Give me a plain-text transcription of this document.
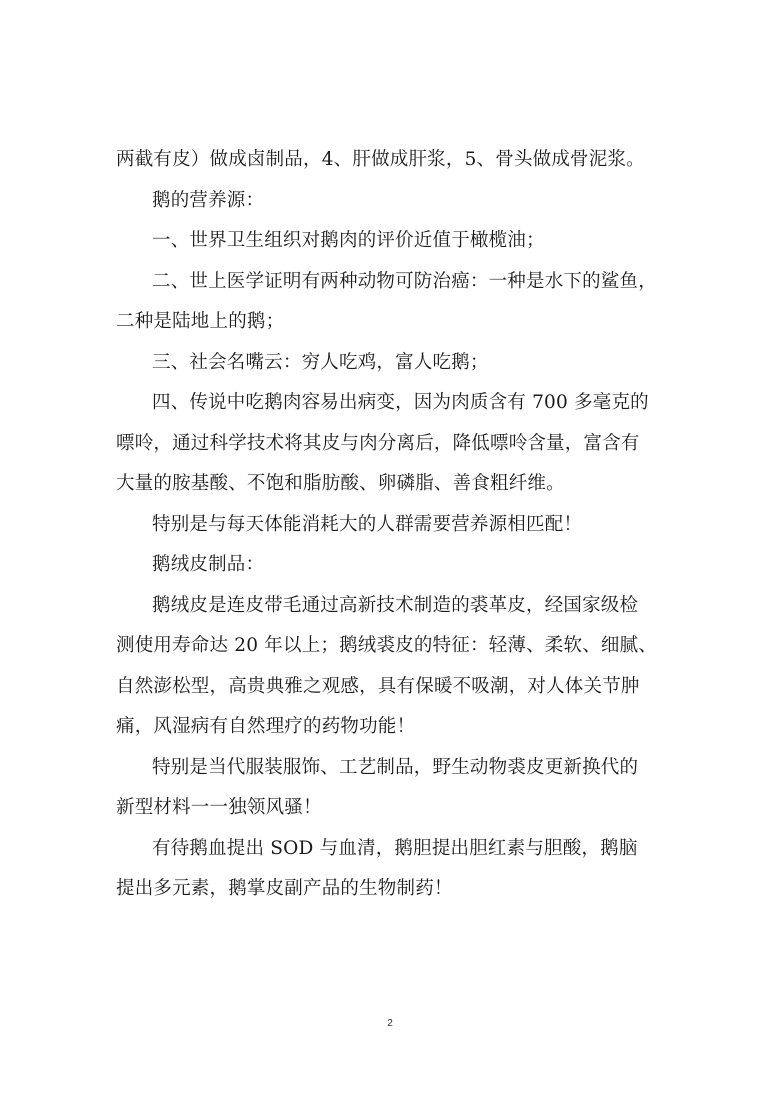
两截有皮）做成卤制品，4、肝做成肝浆，5、骨头做成骨泥浆。
鹅的营养源：
一、世界卫生组织对鹅肉的评价近值于橄榄油；
二、世上医学证明有两种动物可防治癌：一种是水下的鲨鱼，
二种是陆地上的鹅；
三、社会名嘴云：穷人吃鸡，富人吃鹅；
四、传说中吃鹅肉容易出病变，因为肉质含有 700 多毫克的
嘌呤，通过科学技术将其皮与肉分离后，降低嘌呤含量，富含有
大量的胺基酸、不饱和脂肪酸、卵磷脂、善食粗纤维。
特别是与每天体能消耗大的人群需要营养源相匹配！
鹅绒皮制品：
鹅绒皮是连皮带毛通过高新技术制造的裘革皮，经国家级检
测使用寿命达 20 年以上；鹅绒裘皮的特征：轻薄、柔软、细腻、
自然澎松型，高贵典雅之观感，具有保暖不吸潮，对人体关节肿
痛，风湿病有自然理疗的药物功能！
特别是当代服装服饰、工艺制品，野生动物裘皮更新换代的
新型材料一一独领风骚！
有待鹅血提出 SOD 与血清，鹅胆提出胆红素与胆酸，鹅脑
提出多元素，鹅掌皮副产品的生物制药！
2
